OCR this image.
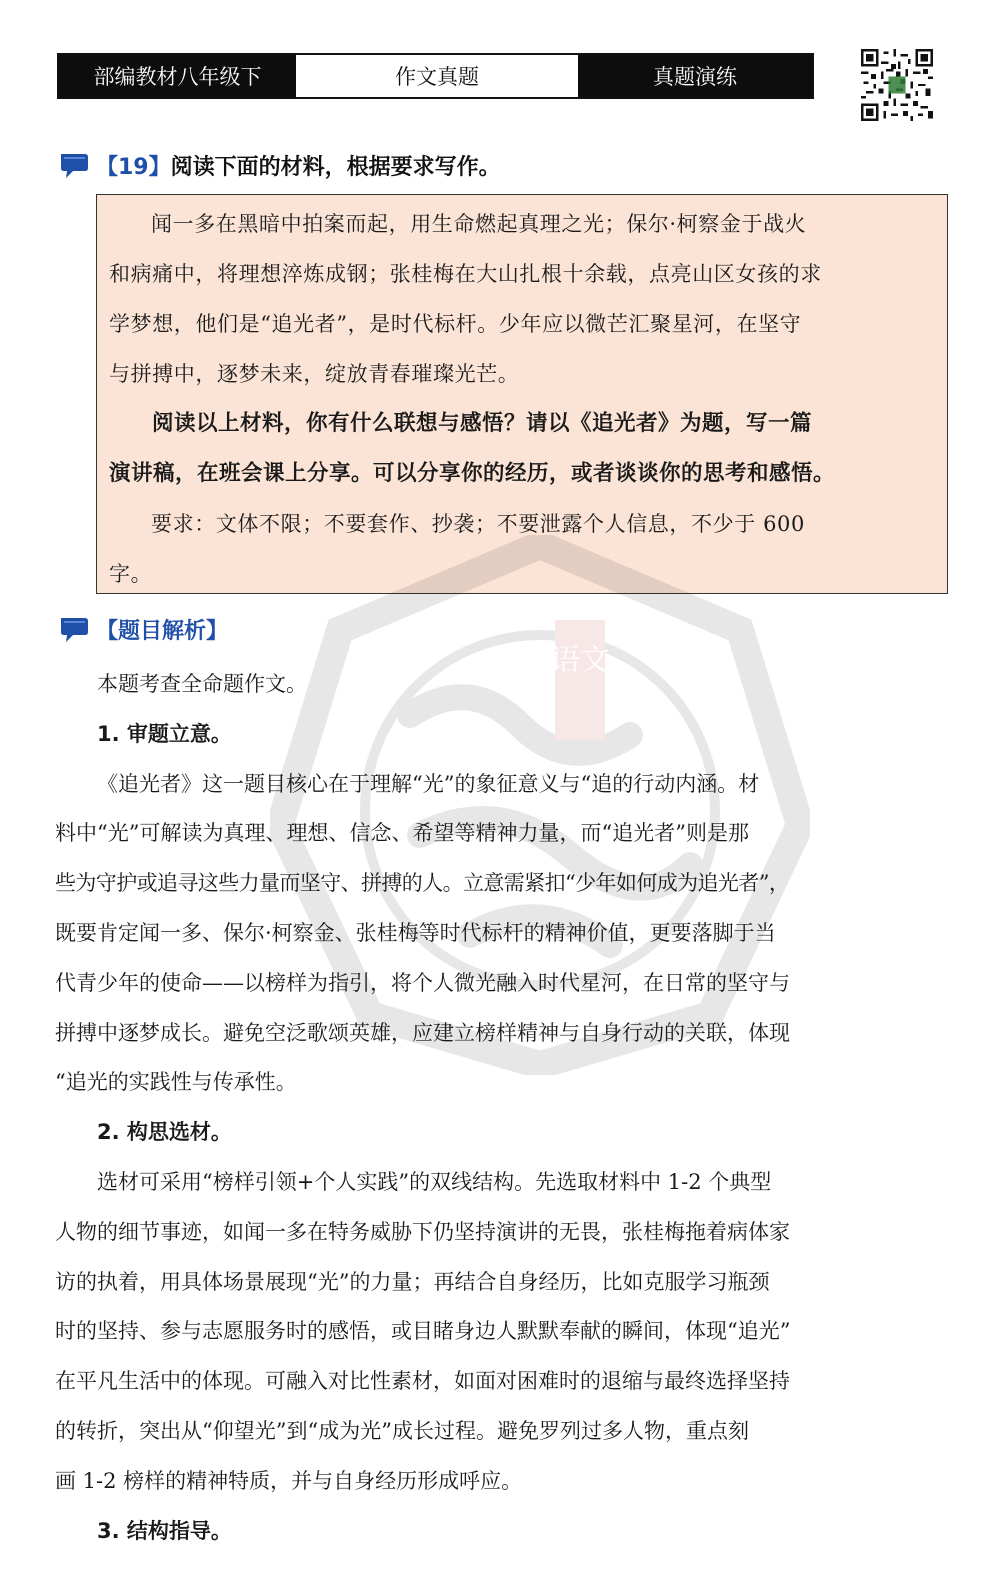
部编教材八年级下	作文真题	真题演练
【19】 阅读下面的材料，根据要求写作。
闻一多在黑暗中拍案而起，用生命燃起真理之光；保尔·柯察金于战火
和病痛中，将理想淬炼成钢；张桂梅在大山扎根十余载，点亮山区女孩的求
学梦想，他们是“追光者”，是时代标杆。少年应以微芒汇聚星河，在坚守
与拼搏中，逐梦未来，绽放青春璀璨光芒。
阅读以上材料，你有什么联想与感悟？请以《追光者》为题，写一篇
演讲稿，在班会课上分享。可以分享你的经历，或者谈谈你的思考和感悟。
要求：文体不限；不要套作、抄袭；不要泄露个人信息，不少于 600
字。
【题目解析】
语文
本题考查全命题作文。
1. 审题立意。
《追光者》这一题目核心在于理解“光”的象征意义与“追的行动内涵。材
料中“光”可解读为真理、理想、信念、希望等精神力量，而“追光者”则是那
些为守护或追寻这些力量而坚守、拼搏的人。立意需紧扣“少年如何成为追光者”，
既要肯定闻一多、保尔·柯察金、张桂梅等时代标杆的精神价值，更要落脚于当
代青少年的使命——以榜样为指引，将个人微光融入时代星河，在日常的坚守与
拼搏中逐梦成长。避免空泛歌颂英雄，应建立榜样精神与自身行动的关联，体现
“追光的实践性与传承性。
2. 构思选材。
选材可采用“榜样引领+个人实践”的双线结构。先选取材料中 1-2 个典型
人物的细节事迹，如闻一多在特务威胁下仍坚持演讲的无畏，张桂梅拖着病体家
访的执着，用具体场景展现“光”的力量；再结合自身经历，比如克服学习瓶颈
时的坚持、参与志愿服务时的感悟，或目睹身边人默默奉献的瞬间，体现“追光”
在平凡生活中的体现。可融入对比性素材，如面对困难时的退缩与最终选择坚持
的转折，突出从“仰望光”到“成为光”成长过程。避免罗列过多人物，重点刻
画 1-2 榜样的精神特质，并与自身经历形成呼应。
3. 结构指导。
